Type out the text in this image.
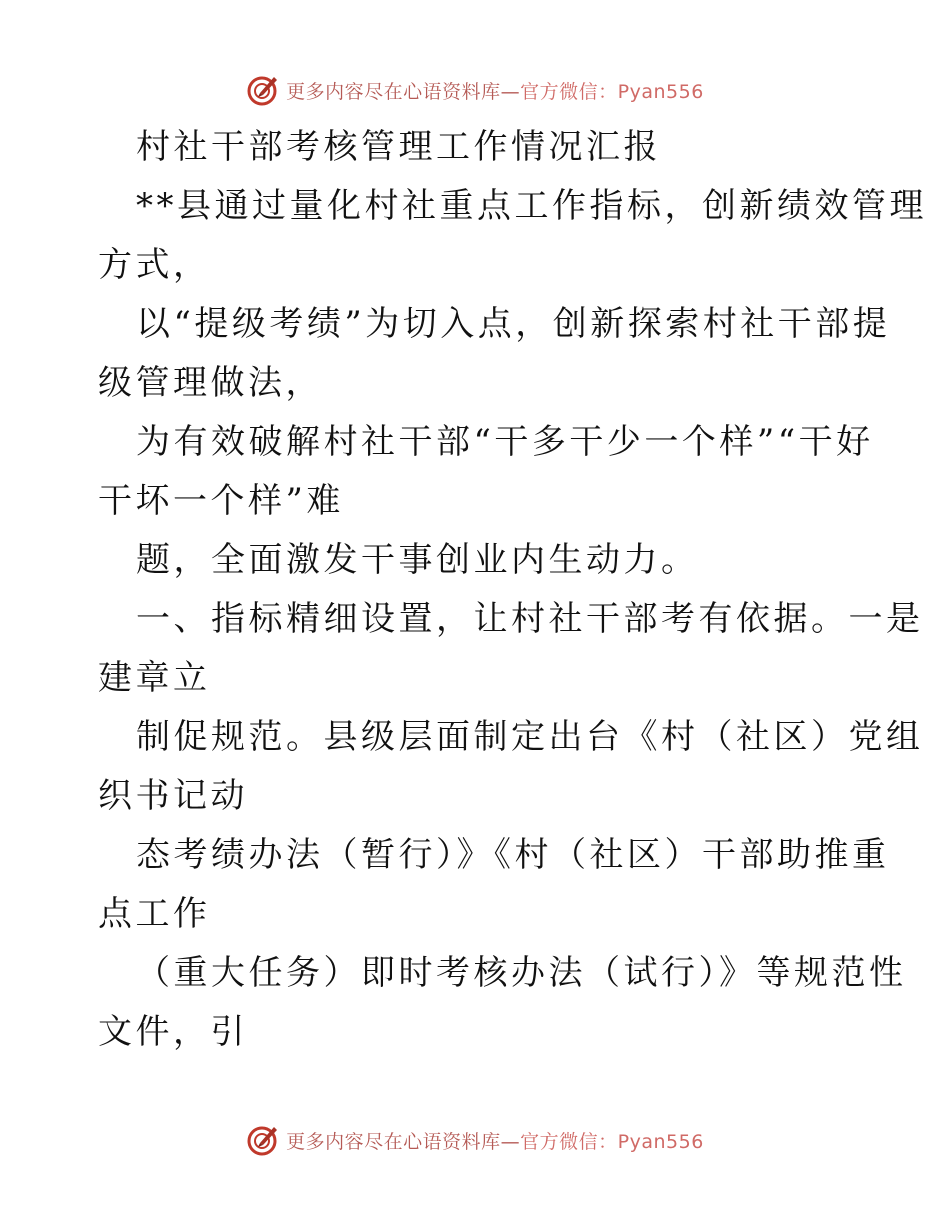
更多内容尽在心语资料库—官方微信：Pyan556
村社干部考核管理工作情况汇报
**县通过量化村社重点工作指标，创新绩效管理
方式，
以“提级考绩”为切入点，创新探索村社干部提
级管理做法，
为有效破解村社干部“干多干少一个样”“干好
干坏一个样”难
题，全面激发干事创业内生动力。
一、指标精细设置，让村社干部考有依据。一是
建章立
制促规范。县级层面制定出台《村（社区）党组
织书记动
态考绩办法（暂行）》《村（社区）干部助推重
点工作
（重大任务）即时考核办法（试行）》等规范性
文件，引
更多内容尽在心语资料库—官方微信：Pyan556
